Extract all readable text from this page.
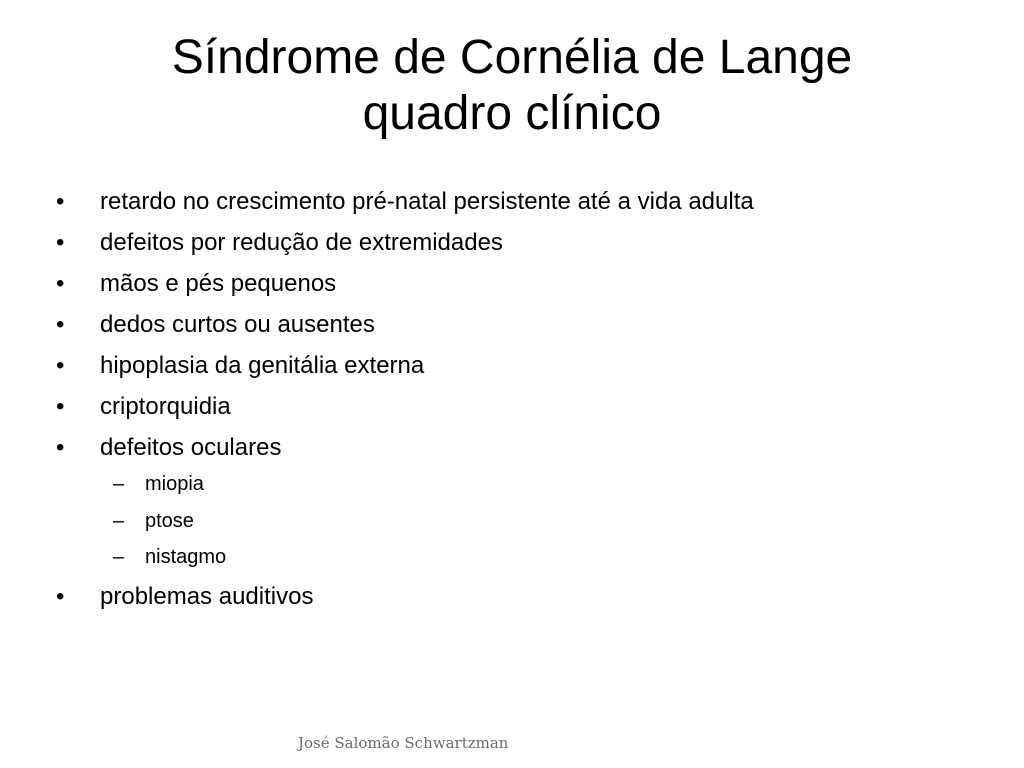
Síndrome de Cornélia de Lange
quadro clínico
•	retardo no crescimento pré-natal persistente até a vida adulta
•	defeitos por redução de extremidades
•	mãos e pés pequenos
•	dedos curtos ou ausentes
•	hipoplasia da genitália externa
•	criptorquidia
•	defeitos oculares
– miopia
– ptose
– nistagmo
•	problemas auditivos
José Salomão Schwartzman
